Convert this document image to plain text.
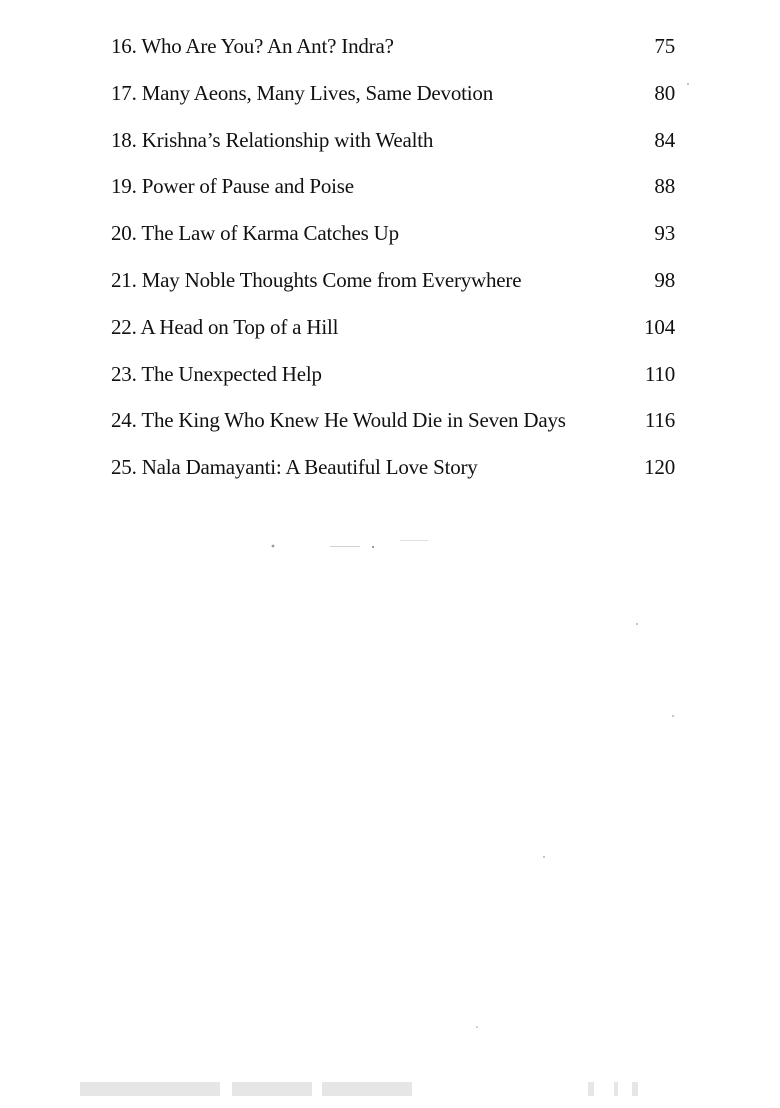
16. Who Are You? An Ant? Indra?	75
17. Many Aeons, Many Lives, Same Devotion	80
18. Krishna’s Relationship with Wealth	84
19. Power of Pause and Poise	88
20. The Law of Karma Catches Up	93
21. May Noble Thoughts Come from Everywhere	98
22. A Head on Top of a Hill	104
23. The Unexpected Help	110
24. The King Who Knew He Would Die in Seven Days	116
25. Nala Damayanti: A Beautiful Love Story	120
